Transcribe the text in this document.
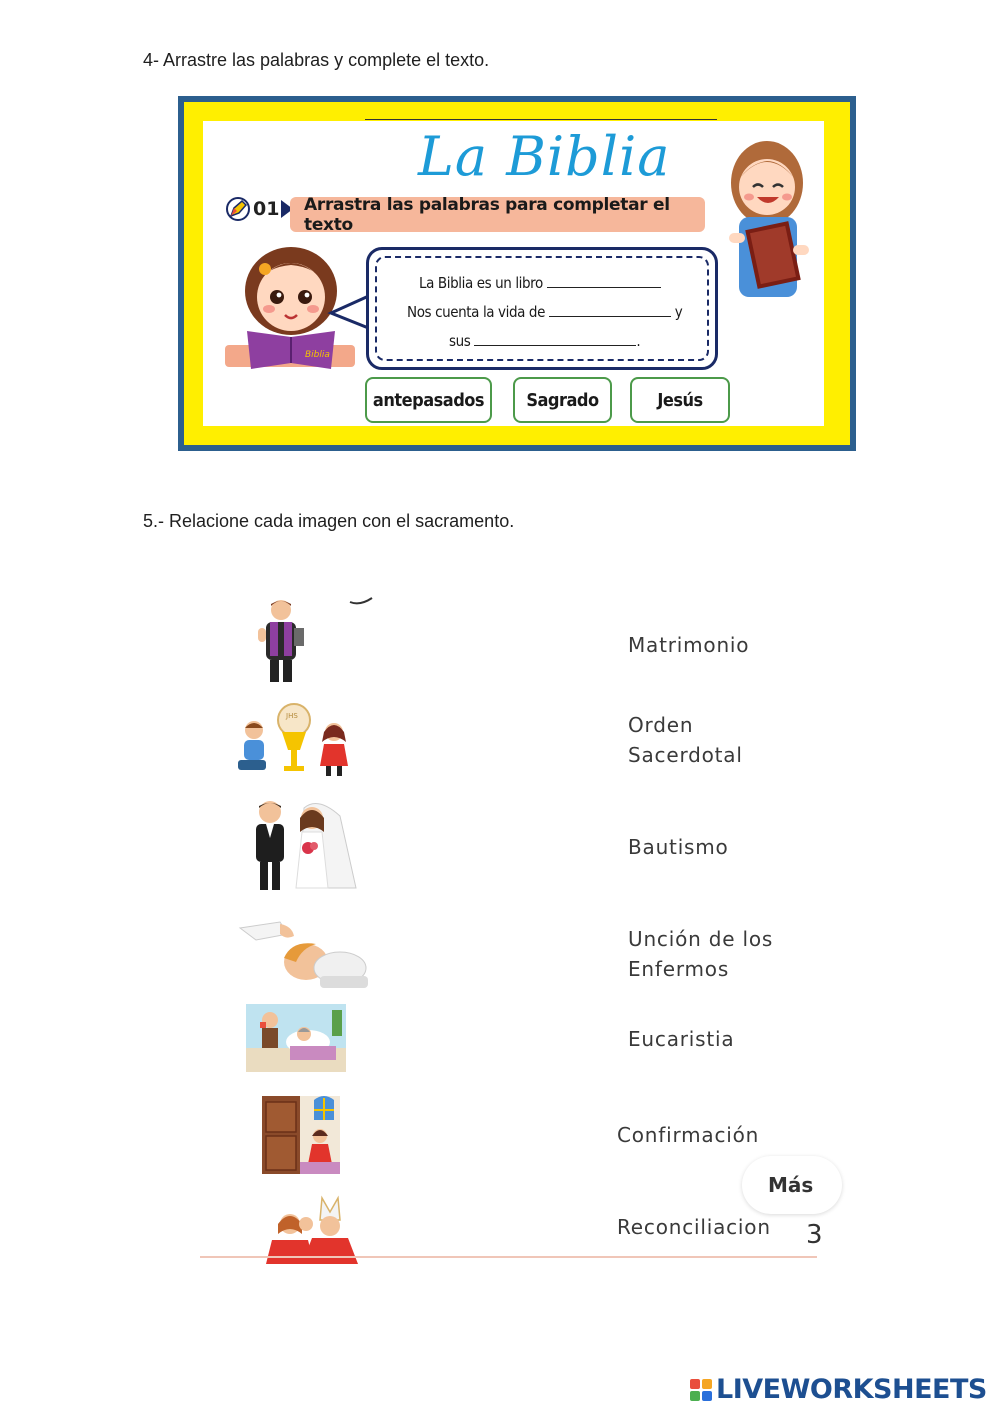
4- Arrastre las palabras y complete el texto.
La Biblia
01	Arrastra las palabras para completar el texto
Biblia
La Biblia es un libro
Nos cuenta la vida de	y
sus	.
antepasados	Sagrado	Jesús
5.- Relacione cada imagen con el sacramento.
JHS
Matrimonio
Orden
Sacerdotal
Bautismo
Unción de los
Enfermos
Eucaristia
Confirmación
Reconciliacion
Más
3
LIVEWORKSHEETS
